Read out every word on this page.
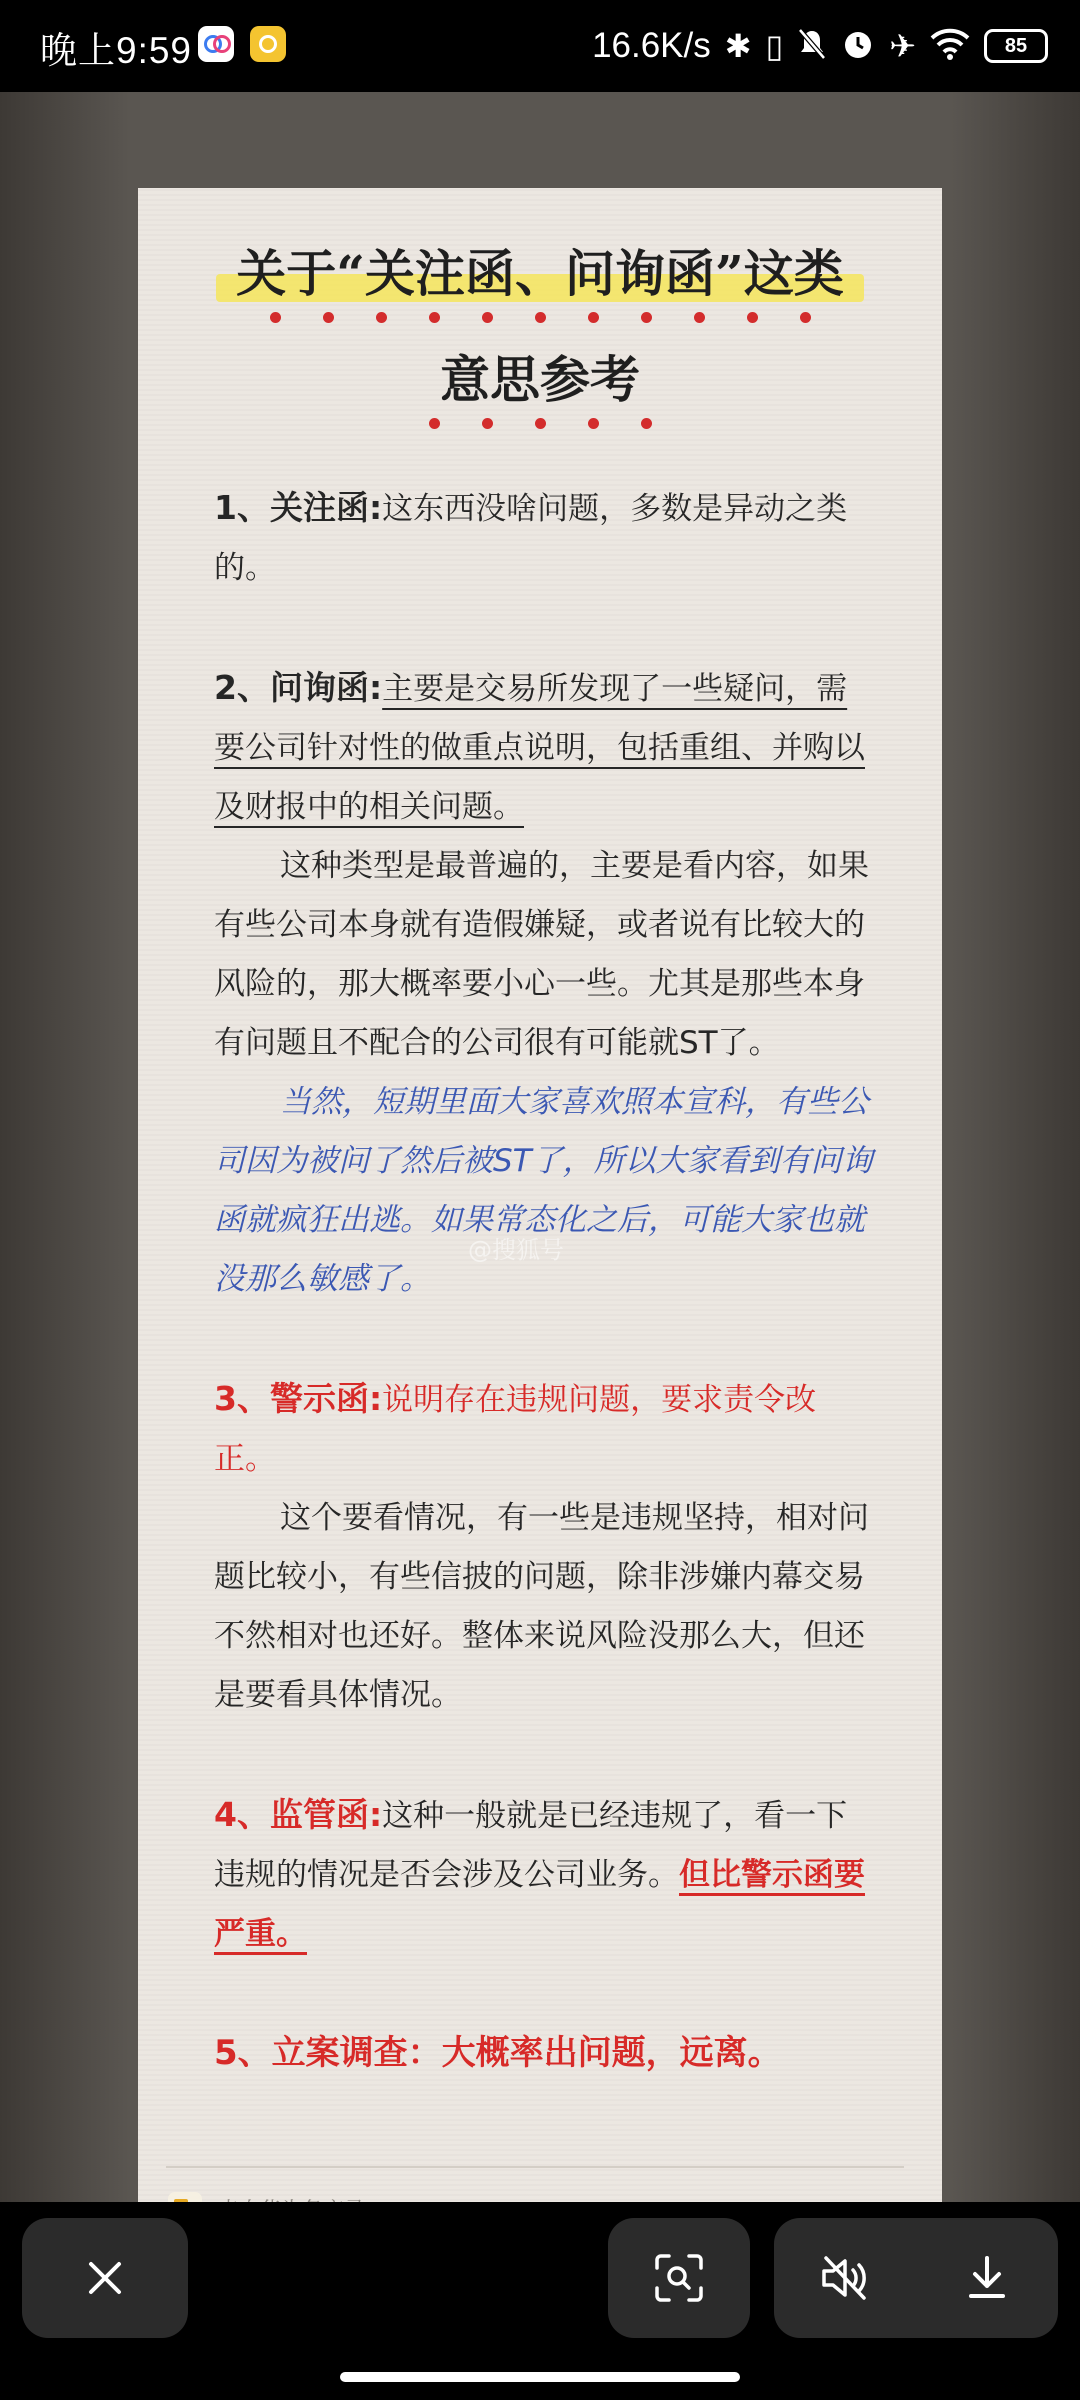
晚上9:59	16.6K/s ✱ ▯	✈	85
关于“关注函、问询函”这类
意思参考

1、关注函:这东西没啥问题，多数是异动之类的。

2、问询函:主要是交易所发现了一些疑问，需要公司针对性的做重点说明，包括重组、并购以及财报中的相关问题。

这种类型是最普遍的，主要是看内容，如果有些公司本身就有造假嫌疑，或者说有比较大的风险的，那大概率要小心一些。尤其是那些本身有问题且不配合的公司很有可能就ST了。

当然，短期里面大家喜欢照本宣科，有些公司因为被问了然后被ST了，所以大家看到有问询函就疯狂出逃。如果常态化之后，可能大家也就没那么敏感了。

3、警示函:说明存在违规问题，要求责令改正。

这个要看情况，有一些是违规坚持，相对问题比较小，有些信披的问题，除非涉嫌内幕交易不然相对也还好。整体来说风险没那么大，但还是要看具体情况。

4、监管函:这种一般就是已经违规了，看一下违规的情况是否会涉及公司业务。但比警示函要严重。

5、立案调查：大概率出问题，远离。

@搜狐号
